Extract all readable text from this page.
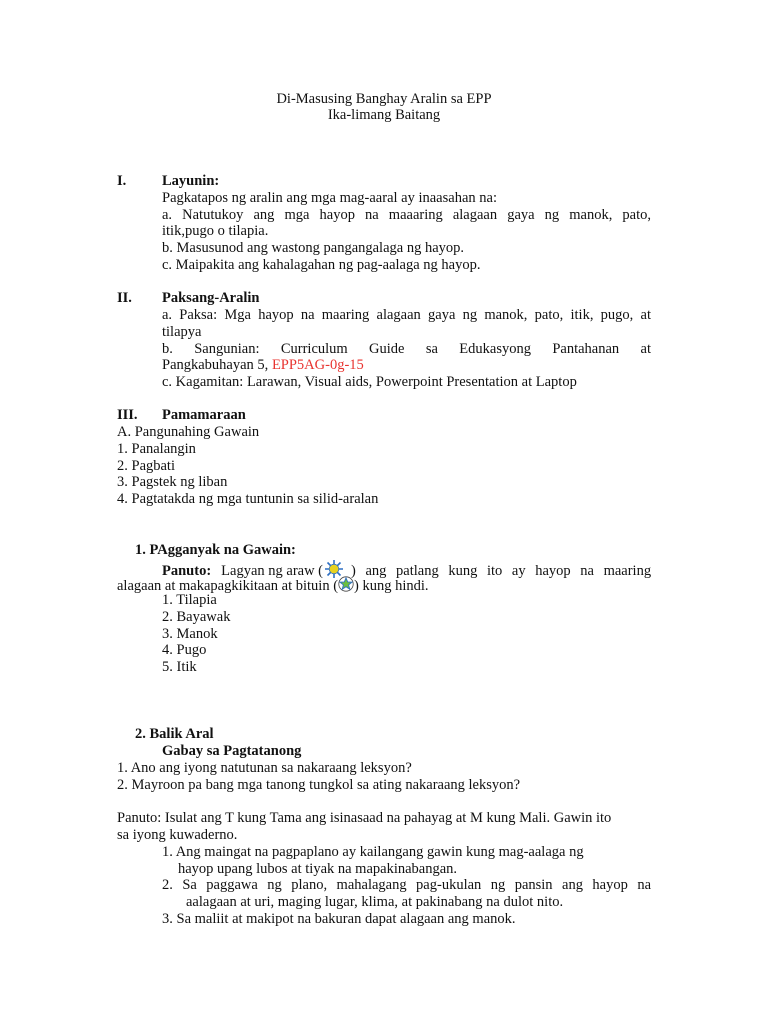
Di-Masusing Banghay Aralin sa EPP
Ika-limang Baitang
I. Layunin:
Pagkatapos ng aralin ang mga mag-aaral ay inaasahan na:
a. Natutukoy ang mga hayop na maaaring alagaan gaya ng manok, pato,
itik,pugo o tilapia.
b. Masusunod ang wastong pangangalaga ng hayop.
c. Maipakita ang kahalagahan ng pag-aalaga ng hayop.
II. Paksang-Aralin
a. Paksa: Mga hayop na maaring alagaan gaya ng manok, pato, itik, pugo, at
tilapya
b. Sangunian: Curriculum Guide sa Edukasyong Pantahanan at
Pangkabuhayan 5, EPP5AG-0g-15
c. Kagamitan: Larawan, Visual aids, Powerpoint Presentation at Laptop
III. Pamamaraan
A. Pangunahing Gawain
1. Panalangin
2. Pagbati
3. Pagstek ng liban
4. Pagtatakda ng mga tuntunin sa silid-aralan
1. PAgganyak na Gawain:
Panuto: Lagyan ng araw ( ) ang patlang kung ito ay hayop na maaring
alagaan at makapagkikitaan at bituin ( ) kung hindi.
1. Tilapia
2. Bayawak
3. Manok
4. Pugo
5. Itik
2. Balik Aral
Gabay sa Pagtatanong
1. Ano ang iyong natutunan sa nakaraang leksyon?
2. Mayroon pa bang mga tanong tungkol sa ating nakaraang leksyon?
Panuto: Isulat ang T kung Tama ang isinasaad na pahayag at M kung Mali. Gawin ito
sa iyong kuwaderno.
1. Ang maingat na pagpaplano ay kailangang gawin kung mag-aalaga ng
hayop upang lubos at tiyak na mapakinabangan.
2. Sa paggawa ng plano, mahalagang pag-ukulan ng pansin ang hayop na
aalagaan at uri, maging lugar, klima, at pakinabang na dulot nito.
3. Sa maliit at makipot na bakuran dapat alagaan ang manok.
